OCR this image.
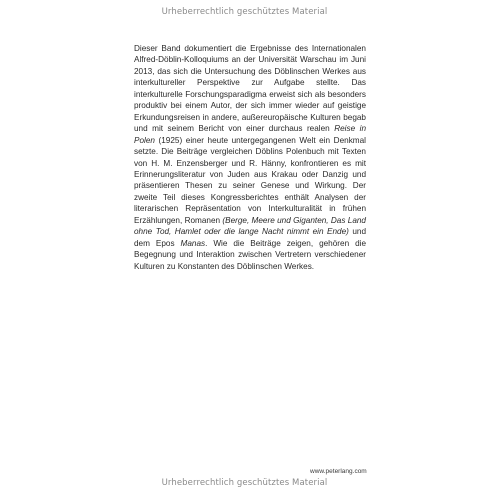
Urheberrechtlich geschütztes Material

Dieser Band dokumentiert die Ergebnisse des Internationalen Alfred-Döblin-Kolloquiums an der Universität Warschau im Juni 2013, das sich die Untersuchung des Döblinschen Werkes aus interkultureller Perspektive zur Aufgabe stellte. Das interkulturelle Forschungsparadigma erweist sich als besonders produktiv bei einem Autor, der sich immer wieder auf geistige Erkundungsreisen in andere, außereuropäische Kulturen begab und mit seinem Bericht von einer durchaus realen Reise in Polen (1925) einer heute untergegangenen Welt ein Denkmal setzte. Die Beiträge vergleichen Döblins Polenbuch mit Texten von H. M. Enzensberger und R. Hänny, konfrontieren es mit Erinnerungsliteratur von Juden aus Krakau oder Danzig und präsentieren Thesen zu seiner Genese und Wirkung. Der zweite Teil dieses Kongressberichtes enthält Analysen der literarischen Repräsentation von Interkulturalität in frühen Erzählungen, Romanen (Berge, Meere und Giganten, Das Land ohne Tod, Hamlet oder die lange Nacht nimmt ein Ende) und dem Epos Manas. Wie die Beiträge zeigen, gehören die Begegnung und Interaktion zwischen Vertretern verschiedener Kulturen zu Konstanten des Döblinschen Werkes.

www.peterlang.com
Urheberrechtlich geschütztes Material
